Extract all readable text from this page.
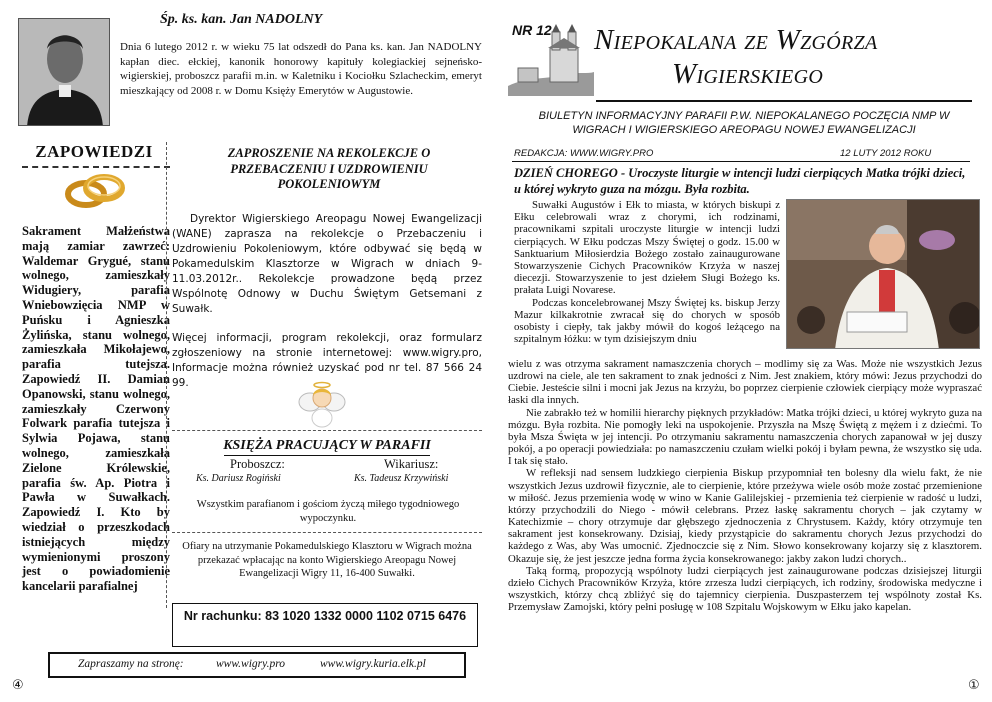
Śp. ks. kan. Jan NADOLNY
Dnia 6 lutego 2012 r. w wieku 75 lat odszedł do Pana ks. kan. Jan NADOLNY kapłan diec. ełckiej, kanonik honorowy kapituły kolegiackiej sejneńsko-wigierskiej, proboszcz parafii m.in. w Kaletniku i Kociołku Szlacheckim, emeryt mieszkający od 2008 r. w Domu Księży Emerytów w Augustowie.
ZAPOWIEDZI
Sakrament Małżeństwa mają zamiar zawrzeć: Waldemar Grygué, stanu wolnego, zamieszkały Widugiery, parafia Wniebowzięcia NMP w Puńsku i Agnieszka Żylińska, stanu wolnego, zamieszkała Mikołajewo, parafia tutejsza. Zapowiedź II. Damian Opanowski, stanu wolnego, zamieszkały Czerwony Folwark parafia tutejsza i Sylwia Pojawa, stanu wolnego, zamieszkała Zielone Królewskie, parafia św. Ap. Piotra i Pawła w Suwałkach. Zapowiedź I. Kto by wiedział o przeszkodach istniejących między wymienionymi proszony jest o powiadomienie kancelarii parafialnej
ZAPROSZENIE NA REKOLEKCJE O PRZEBACZENIU I UZDROWIENIU POKOLENIOWYM

Dyrektor Wigierskiego Areopagu Nowej Ewangelizacji (WANE) zaprasza na rekolekcje o Przebaczeniu i Uzdrowieniu Pokoleniowym, które odbywać się będą w Pokamedulskim Klasztorze w Wigrach w dniach 9-11.03.2012r.. Rekolekcje prowadzone będą przez Wspólnotę Odnowy w Duchu Świętym Getsemani z Suwałk.

Więcej informacji, program rekolekcji, oraz formularz zgłoszeniowy na stronie internetowej: www.wigry.pro, Informacje można również uzyskać pod nr tel. 87 566 24 99.

KSIĘŻA PRACUJĄCY W PARAFII
Proboszcz:
Ks. Dariusz Rogiński
Wikariusz:
Ks. Tadeusz Krzywiński
Wszystkim parafianom i gościom życzą miłego tygodniowego wypoczynku.
Ofiary na utrzymanie Pokamedulskiego Klasztoru w Wigrach można przekazać wpłacając na konto Wigierskiego Areopagu Nowej Ewangelizacji Wigry 11, 16-400 Suwałki.
Nr rachunku: 83 1020 1332 0000 1102 0715 6476
Zapraszamy na stronę:	www.wigry.pro	www.wigry.kuria.elk.pl
④
NR 12 Niepokalana ze Wzgórza
Wigierskiego
BIULETYN INFORMACYJNY PARAFII P.W. NIEPOKALANEGO POCZĘCIA NMP W WIGRACH I WIGIERSKIEGO AREOPAGU NOWEJ EWANGELIZACJI
REDAKCJA: WWW.WIGRY.PRO	12 LUTY 2012 ROKU
DZIEŃ CHOREGO - Uroczyste liturgie w intencji ludzi cierpiących Matka trójki dzieci, u której wykryto guza na mózgu. Była rozbita.

Suwałki Augustów i Ełk to miasta, w których biskupi z Ełku celebrowali wraz z chorymi, ich rodzinami, pracownikami szpitali uroczyste liturgie w intencji ludzi cierpiących. W Ełku podczas Mszy Świętej o godz. 15.00 w Sanktuarium Miłosierdzia Bożego zostało zainaugurowane Stowarzyszenie Cichych Pracowników Krzyża w naszej diecezji. Stowarzyszenie to jest dziełem Sługi Bożego ks. prałata Luigi Novarese.

Podczas koncelebrowanej Mszy Świętej ks. biskup Jerzy Mazur kilkakrotnie zwracał się do chorych w sposób osobisty i ciepły, tak jakby mówił do kogoś leżącego na szpitalnym łóżku: w tym dzisiejszym dniu

wielu z was otrzyma sakrament namaszczenia chorych – modlimy się za Was. Może nie wszystkich Jezus uzdrowi na ciele, ale ten sakrament to znak jedności z Nim. Jest znakiem, który mówi: Jezus przychodzi do Ciebie. Jesteście silni i mocni jak Jezus na krzyżu, bo poprzez cierpienie człowiek cierpiący może wypraszać łaski dla innych.

Nie zabrakło też w homilii hierarchy pięknych przykładów: Matka trójki dzieci, u której wykryto guza na mózgu. Była rozbita. Nie pomogły leki na uspokojenie. Przyszła na Mszę Świętą z mężem i z dziećmi. To była Msza Święta w jej intencji. Po otrzymaniu sakramentu namaszczenia chorych zapanował w jej duszy pokój, a po operacji powiedziała: po namaszczeniu czułam wielki pokój i byłam pewna, że wszystko się uda. I tak się stało.

W refleksji nad sensem ludzkiego cierpienia Biskup przypomniał ten bolesny dla wielu fakt, że nie wszystkich Jezus uzdrowił fizycznie, ale to cierpienie, które przeżywa wiele osób może zostać przemienione w miłość. Jezus przemienia wodę w wino w Kanie Galilejskiej - przemienia też cierpienie w radość u ludzi, którzy przychodzili do Niego - mówił celebrans. Przez łaskę sakramentu chorych – jak czytamy w Katechizmie – chory otrzymuje dar głębszego zjednoczenia z Chrystusem. Każdy, który otrzymuje ten sakrament jest konsekrowany. Dzisiaj, kiedy przystąpicie do sakramentu chorych Jezus przychodzi do każdego z Was, aby Was umocnić. Zjednoczcie się z Nim. Słowo konsekrowany kojarzy się z klasztorem. Okazuje się, że jest jeszcze jedna forma życia konsekrowanego: jakby zakon ludzi chorych..

Taką formą, propozycją wspólnoty ludzi cierpiących jest zainaugurowane podczas dzisiejszej liturgii dzieło Cichych Pracowników Krzyża, które zrzesza ludzi cierpiących, ich rodziny, środowiska medyczne i wszystkich, którzy chcą zbliżyć się do tajemnicy cierpienia. Duszpasterzem tej wspólnoty został Ks. Przemysław Zamojski, który pełni posługę w 108 Szpitalu Wojskowym w Ełku jako kapelan.

①
